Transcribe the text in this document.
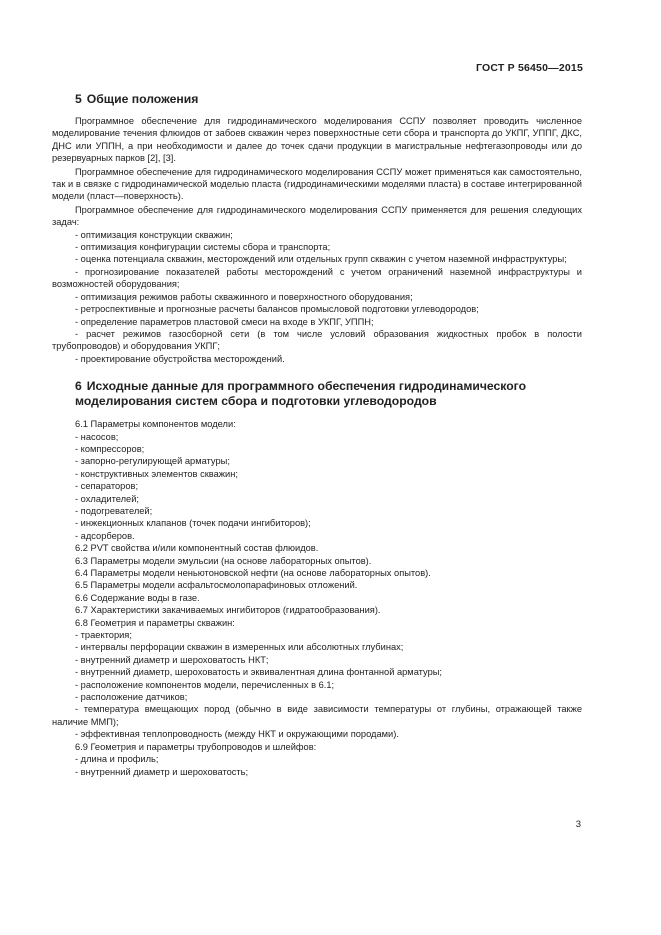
ГОСТ Р 56450—2015
5 Общие положения

Программное обеспечение для гидродинамического моделирования ССПУ позволяет проводить численное моделирование течения флюидов от забоев скважин через поверхностные сети сбора и транспорта до УКПГ, УППГ, ДКС, ДНС или УППН, а при необходимости и далее до точек сдачи продукции в магистральные нефтегазопроводы или до резервуарных парков [2], [3].

Программное обеспечение для гидродинамического моделирования ССПУ может применяться как самостоятельно, так и в связке с гидродинамической моделью пласта (гидродинамическими моделями пласта) в составе интегрированной модели (пласт—поверхность).

Программное обеспечение для гидродинамического моделирования ССПУ применяется для решения следующих задач:

- оптимизация конструкции скважин;

- оптимизация конфигурации системы сбора и транспорта;

- оценка потенциала скважин, месторождений или отдельных групп скважин с учетом наземной инфраструктуры;

- прогнозирование показателей работы месторождений с учетом ограничений наземной инфраструктуры и возможностей оборудования;

- оптимизация режимов работы скважинного и поверхностного оборудования;

- ретроспективные и прогнозные расчеты балансов промысловой подготовки углеводородов;

- определение параметров пластовой смеси на входе в УКПГ, УППН;

- расчет режимов газосборной сети (в том числе условий образования жидкостных пробок в полости трубопроводов) и оборудования УКПГ;

- проектирование обустройства месторождений.

6 Исходные данные для программного обеспечения гидродинамического моделирования систем сбора и подготовки углеводородов

6.1 Параметры компонентов модели:

- насосов;

- компрессоров;

- запорно-регулирующей арматуры;

- конструктивных элементов скважин;

- сепараторов;

- охладителей;

- подогревателей;

- инжекционных клапанов (точек подачи ингибиторов);

- адсорберов.

6.2 PVT свойства и/или компонентный состав флюидов.

6.3 Параметры модели эмульсии (на основе лабораторных опытов).

6.4 Параметры модели неньютоновской нефти (на основе лабораторных опытов).

6.5 Параметры модели асфальтосмолопарафиновых отложений.

6.6 Содержание воды в газе.

6.7 Характеристики закачиваемых ингибиторов (гидратообразования).

6.8 Геометрия и параметры скважин:

- траектория;

- интервалы перфорации скважин в измеренных или абсолютных глубинах;

- внутренний диаметр и шероховатость НКТ;

- внутренний диаметр, шероховатость и эквивалентная длина фонтанной арматуры;

- расположение компонентов модели, перечисленных в 6.1;

- расположение датчиков;

- температура вмещающих пород (обычно в виде зависимости температуры от глубины, отражающей также наличие ММП);

- эффективная теплопроводность (между НКТ и окружающими породами).

6.9 Геометрия и параметры трубопроводов и шлейфов:

- длина и профиль;

- внутренний диаметр и шероховатость;

3
